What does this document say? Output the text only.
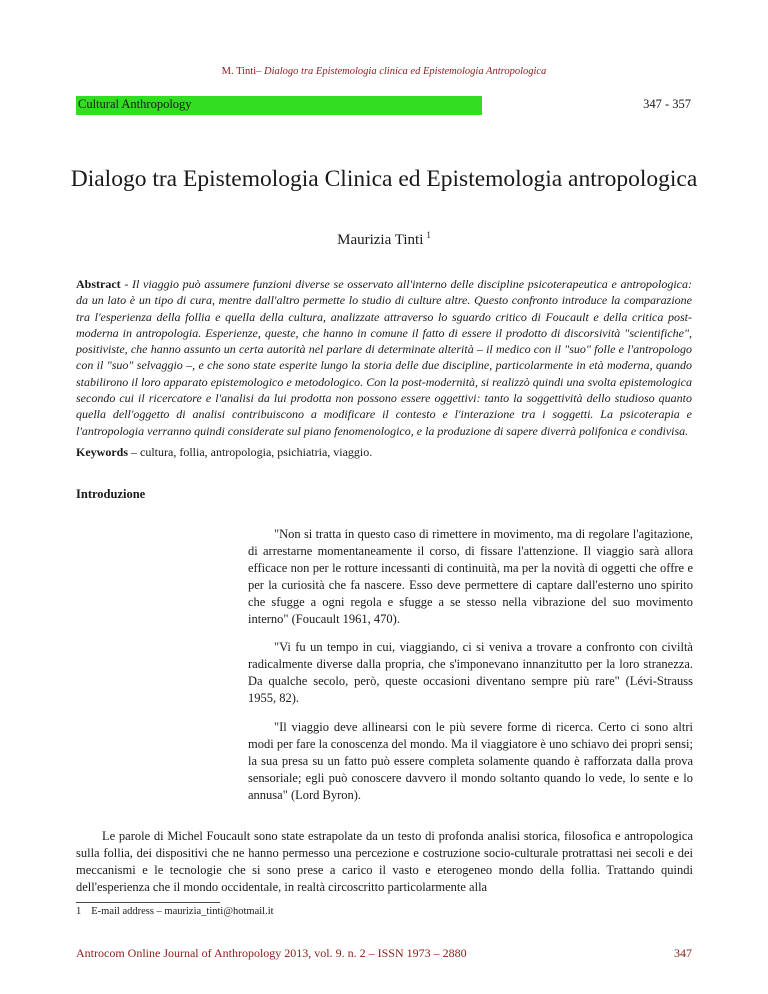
M. Tinti– Dialogo tra Epistemologia clinica ed Epistemologia Antropologica
Cultural Anthropology	347 - 357
Dialogo tra Epistemologia Clinica ed Epistemologia antropologica
Maurizia Tinti $^1$

Abstract - Il viaggio può assumere funzioni diverse se osservato all'interno delle discipline psicoterapeutica e antropologica: da un lato è un tipo di cura, mentre dall'altro permette lo studio di culture altre. Questo confronto introduce la comparazione tra l'esperienza della follia e quella della cultura, analizzate attraverso lo sguardo critico di Foucault e della critica post-moderna in antropologia. Esperienze, queste, che hanno in comune il fatto di essere il prodotto di discorsività "scientifiche", positiviste, che hanno assunto un certa autorità nel parlare di determinate alterità – il medico con il "suo" folle e l'antropologo con il "suo" selvaggio –, e che sono state esperite lungo la storia delle due discipline, particolarmente in età moderna, quando stabilirono il loro apparato epistemologico e metodologico. Con la post-modernità, si realizzò quindi una svolta epistemologica secondo cui il ricercatore e l'analisi da lui prodotta non possono essere oggettivi: tanto la soggettività dello studioso quanto quella dell'oggetto di analisi contribuiscono a modificare il contesto e l'interazione tra i soggetti. La psicoterapia e l'antropologia verranno quindi considerate sul piano fenomenologico, e la produzione di sapere diverrà polifonica e condivisa.

Keywords – cultura, follia, antropologia, psichiatria, viaggio.

Introduzione

"Non si tratta in questo caso di rimettere in movimento, ma di regolare l'agitazione, di arrestarne momentaneamente il corso, di fissare l'attenzione. Il viaggio sarà allora efficace non per le rotture incessanti di continuità, ma per la novità di oggetti che offre e per la curiosità che fa nascere. Esso deve permettere di captare dall'esterno uno spirito che sfugge a ogni regola e sfugge a se stesso nella vibrazione del suo movimento interno" (Foucault 1961, 470).

"Vi fu un tempo in cui, viaggiando, ci si veniva a trovare a confronto con civiltà radicalmente diverse dalla propria, che s'imponevano innanzitutto per la loro stranezza. Da qualche secolo, però, queste occasioni diventano sempre più rare" (Lévi-Strauss 1955, 82).

"Il viaggio deve allinearsi con le più severe forme di ricerca. Certo ci sono altri modi per fare la conoscenza del mondo. Ma il viaggiatore è uno schiavo dei propri sensi; la sua presa su un fatto può essere completa solamente quando è rafforzata dalla prova sensoriale; egli può conoscere davvero il mondo soltanto quando lo vede, lo sente e lo annusa" (Lord Byron).

Le parole di Michel Foucault sono state estrapolate da un testo di profonda analisi storica, filosofica e antropologica sulla follia, dei dispositivi che ne hanno permesso una percezione e costruzione socio-culturale protrattasi nei secoli e dei meccanismi e le tecnologie che si sono prese a carico il vasto e eterogeneo mondo della follia. Trattando quindi dell'esperienza che il mondo occidentale, in realtà circoscritto particolarmente alla

1 E-mail address – maurizia_tinti@hotmail.it

Antrocom Online Journal of Anthropology 2013, vol. 9. n. 2 – ISSN 1973 – 2880	347
